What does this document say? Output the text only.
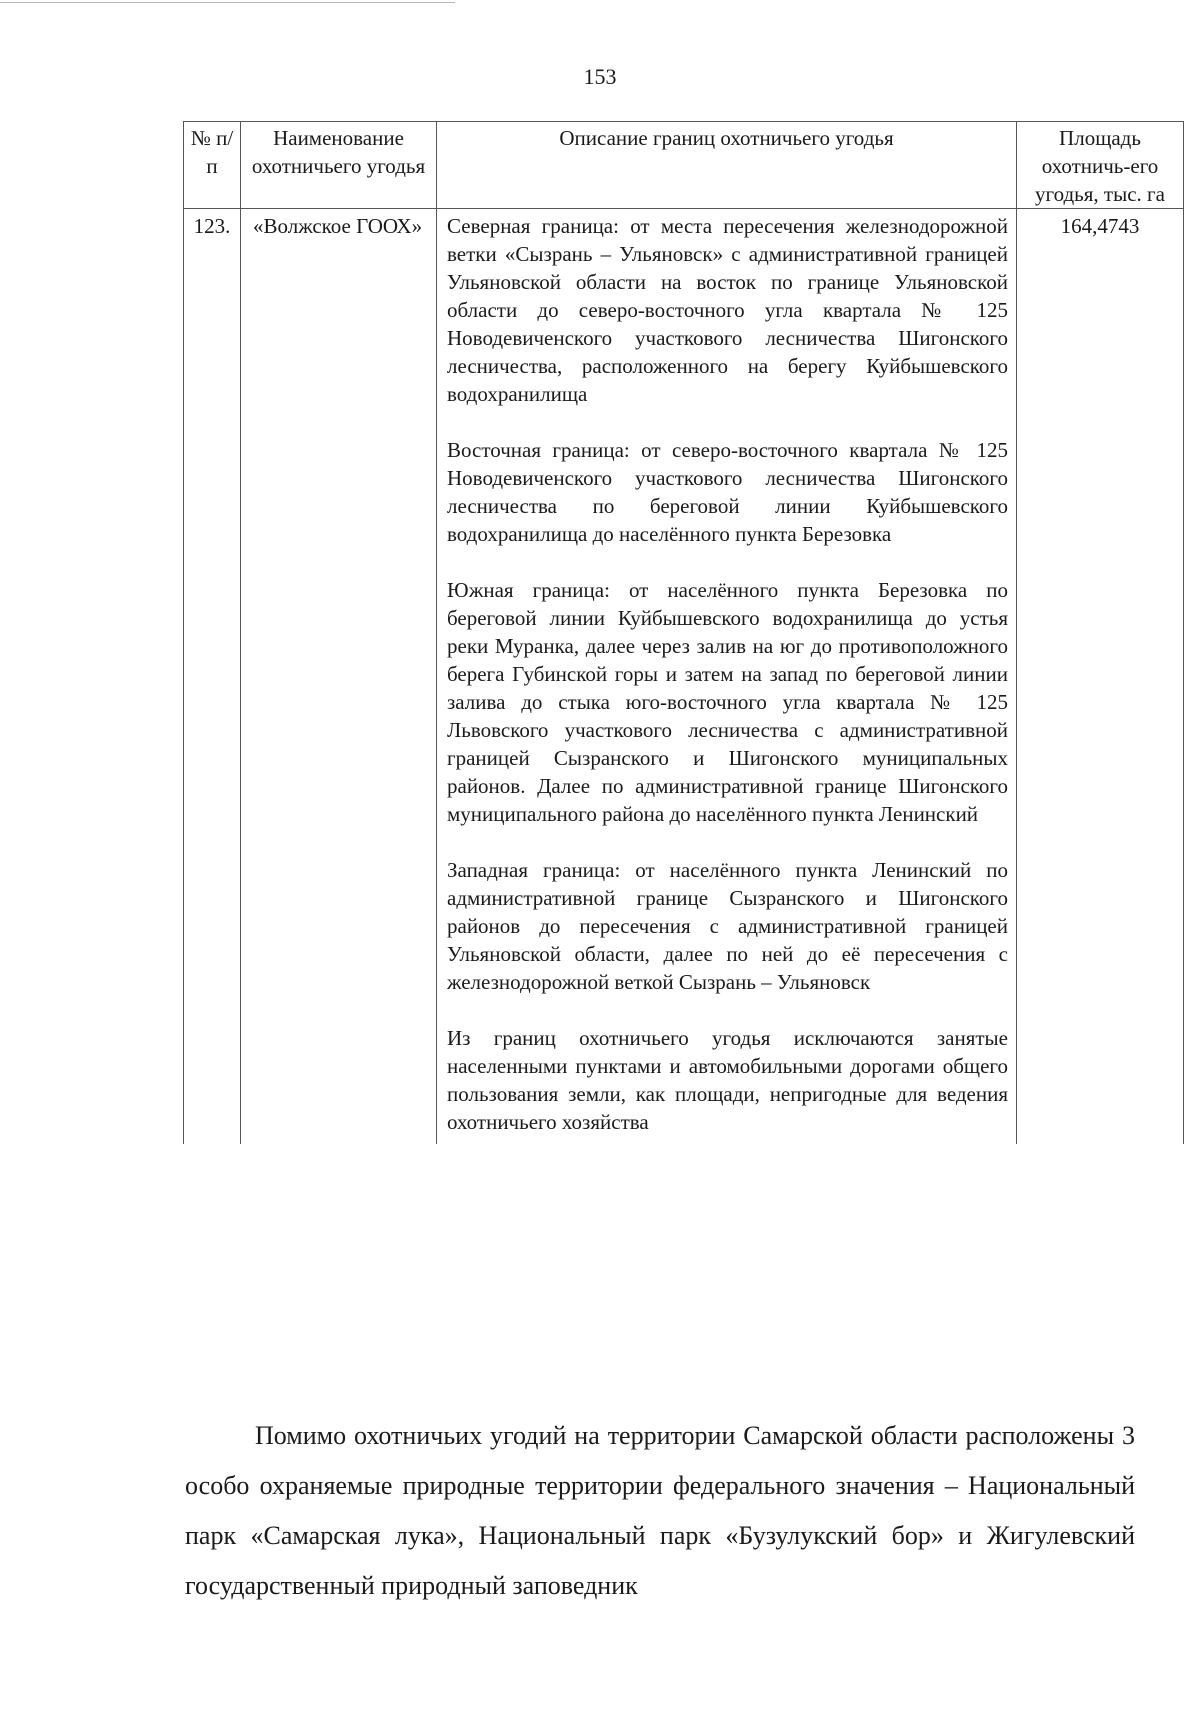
153
№ п/п	Наименование охотничьего угодья	Описание границ охотничьего угодья	Площадь охотничь-его угодья, тыс. га
123.	«Волжское ГООХ»	Северная граница: от места пересечения железнодорожной ветки «Сызрань – Ульяновск» с административной границей Ульяновской области на восток по границе Ульяновской области до северо-восточного угла квартала № 125 Новодевиченского участкового лесничества Шигонского лесничества, расположенного на берегу Куйбышевского водохранилища

Восточная граница: от северо-восточного квартала № 125 Новодевиченского участкового лесничества Шигонского лесничества по береговой линии Куйбышевского водохранилища до населённого пункта Березовка

Южная граница: от населённого пункта Березовка по береговой линии Куйбышевского водохранилища до устья реки Муранка, далее через залив на юг до противоположного берега Губинской горы и затем на запад по береговой линии залива до стыка юго-восточного угла квартала № 125 Львовского участкового лесничества с административной границей Сызранского и Шигонского муниципальных районов. Далее по административной границе Шигонского муниципального района до населённого пункта Ленинский

Западная граница: от населённого пункта Ленинский по административной границе Сызранского и Шигонского районов до пересечения с административной границей Ульяновской области, далее по ней до её пересечения с железнодорожной веткой Сызрань – Ульяновск

Из границ охотничьего угодья исключаются занятые населенными пунктами и автомобильными дорогами общего пользования земли, как площади, непригодные для ведения охотничьего хозяйства	164,4743

Помимо охотничьих угодий на территории Самарской области расположены 3 особо охраняемые природные территории федерального значения – Национальный парк «Самарская лука», Национальный парк «Бузулукский бор» и Жигулевский государственный природный заповедник
